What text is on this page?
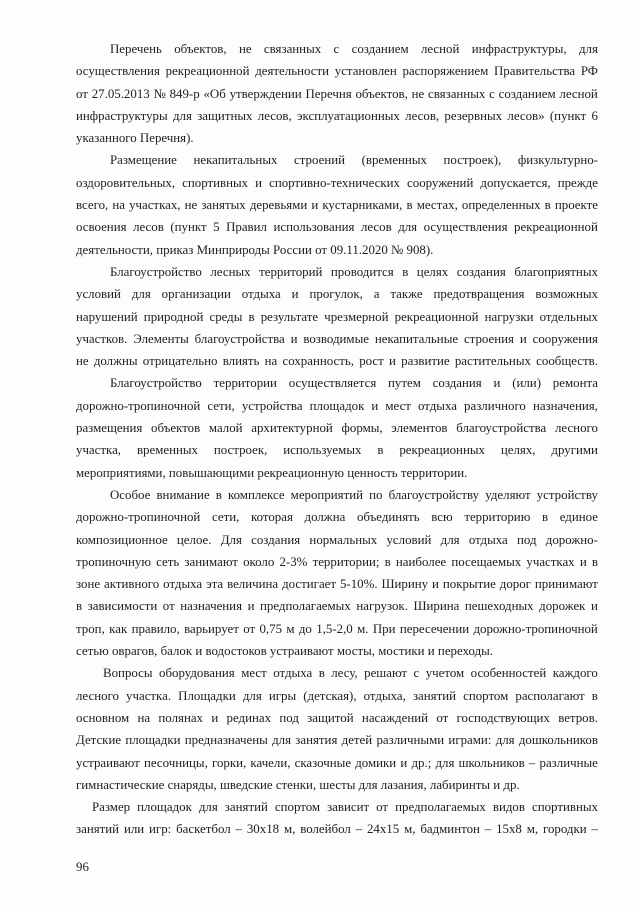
Перечень объектов, не связанных с созданием лесной инфраструктуры, для
осуществления рекреационной деятельности установлен распоряжением Правительства РФ
от 27.05.2013 № 849-р «Об утверждении Перечня объектов, не связанных с созданием лесной
инфраструктуры для защитных лесов, эксплуатационных лесов, резервных лесов» (пункт 6
указанного Перечня).
Размещение некапитальных строений (временных построек), физкультурно-
оздоровительных, спортивных и спортивно-технических сооружений допускается, прежде
всего, на участках, не занятых деревьями и кустарниками, в местах, определенных в проекте
освоения лесов (пункт 5 Правил использования лесов для осуществления рекреационной
деятельности, приказ Минприроды России от 09.11.2020 № 908).
Благоустройство лесных территорий проводится в целях создания благоприятных
условий для организации отдыха и прогулок, а также предотвращения возможных
нарушений природной среды в результате чрезмерной рекреационной нагрузки отдельных
участков. Элементы благоустройства и возводимые некапитальные строения и сооружения
не должны отрицательно влиять на сохранность, рост и развитие растительных сообществ.
Благоустройство территории осуществляется путем создания и (или) ремонта
дорожно-тропиночной сети, устройства площадок и мест отдыха различного назначения,
размещения объектов малой архитектурной формы, элементов благоустройства лесного
участка, временных построек, используемых в рекреационных целях, другими
мероприятиями, повышающими рекреационную ценность территории.
Особое внимание в комплексе мероприятий по благоустройству уделяют устройству
дорожно-тропиночной сети, которая должна объединять всю территорию в единое
композиционное целое. Для создания нормальных условий для отдыха под дорожно-
тропиночную сеть занимают около 2-3% территории; в наиболее посещаемых участках и в
зоне активного отдыха эта величина достигает 5-10%. Ширину и покрытие дорог принимают
в зависимости от назначения и предполагаемых нагрузок. Ширина пешеходных дорожек и
троп, как правило, варьирует от 0,75 м до 1,5-2,0 м. При пересечении дорожно-тропиночной
сетью оврагов, балок и водостоков устраивают мосты, мостики и переходы.
Вопросы оборудования мест отдыха в лесу, решают с учетом особенностей каждого
лесного участка. Площадки для игры (детская), отдыха, занятий спортом располагают в
основном на полянах и рединах под защитой насаждений от господствующих ветров.
Детские площадки предназначены для занятия детей различными играми: для дошкольников
устраивают песочницы, горки, качели, сказочные домики и др.; для школьников – различные
гимнастические снаряды, шведские стенки, шесты для лазания, лабиринты и др.
Размер площадок для занятий спортом зависит от предполагаемых видов спортивных
занятий или игр: баскетбол – 30х18 м, волейбол – 24х15 м, бадминтон – 15х8 м, городки –
96
